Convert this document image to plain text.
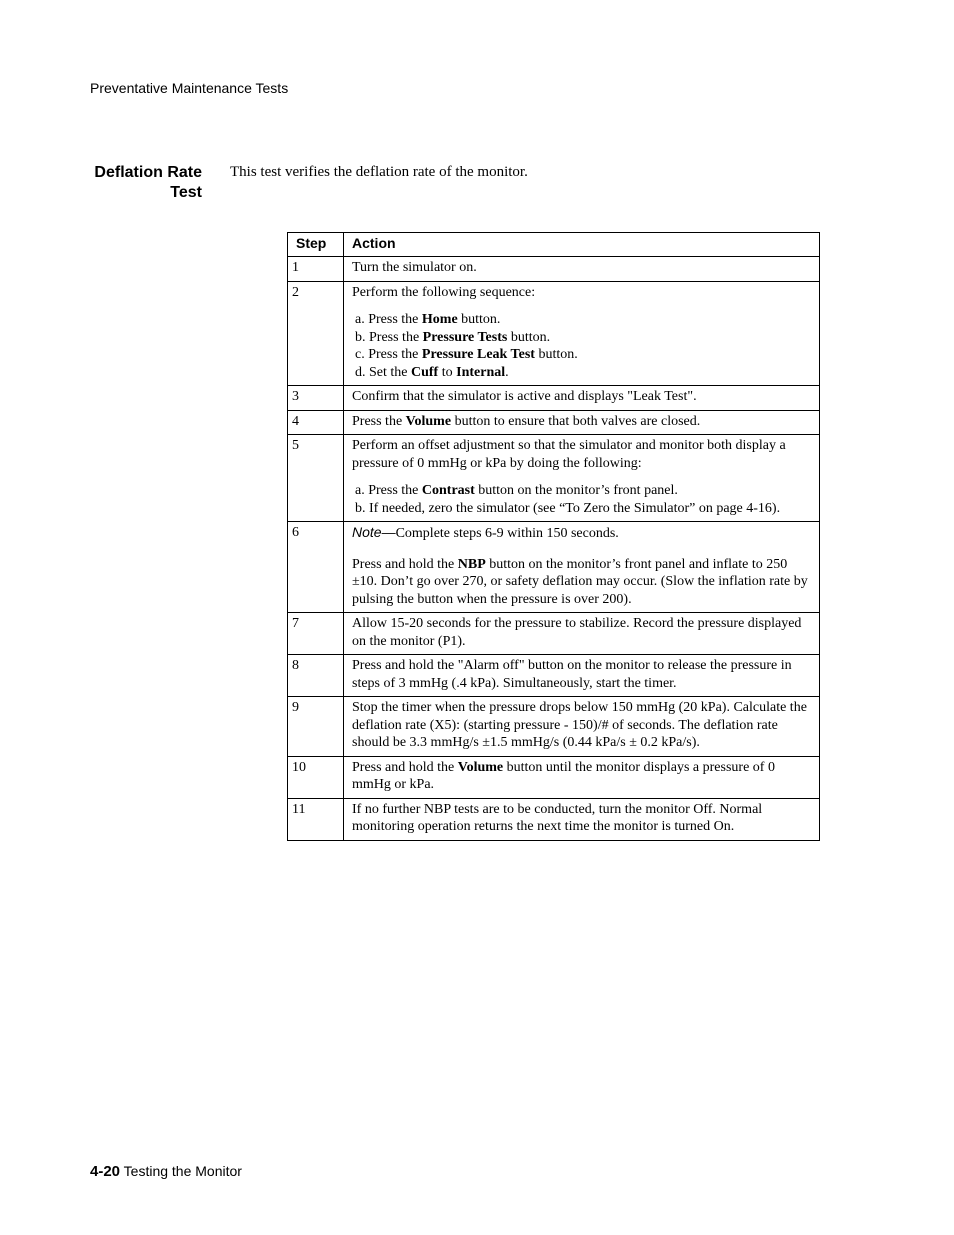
Preventative Maintenance Tests
Deflation Rate
Test
This test verifies the deflation rate of the monitor.
Step	Action
1	Turn the simulator on.
2	Perform the following sequence:
a. Press the Home button.
b. Press the Pressure Tests button.
c. Press the Pressure Leak Test button.
d. Set the Cuff to Internal.

3	Confirm that the simulator is active and displays "Leak Test".
4	Press the Volume button to ensure that both valves are closed.
5	Perform an offset adjustment so that the simulator and monitor both display a pressure of 0 mmHg or kPa by doing the following:
a. Press the Contrast button on the monitor’s front panel.
b. If needed, zero the simulator (see “To Zero the Simulator” on page 4-16).

6	Note—Complete steps 6-9 within 150 seconds.
Press and hold the NBP button on the monitor’s front panel and inflate to 250 ±10. Don’t go over 270, or safety deflation may occur. (Slow the inflation rate by pulsing the button when the pressure is over 200).

7	Allow 15-20 seconds for the pressure to stabilize. Record the pressure displayed on the monitor (P1).
8	Press and hold the "Alarm off" button on the monitor to release the pressure in steps of 3 mmHg (.4 kPa). Simultaneously, start the timer.
9	Stop the timer when the pressure drops below 150 mmHg (20 kPa). Calculate the deflation rate (X5): (starting pressure - 150)/# of seconds. The deflation rate should be 3.3 mmHg/s ±1.5 mmHg/s (0.44 kPa/s ± 0.2 kPa/s).
10	Press and hold the Volume button until the monitor displays a pressure of 0 mmHg or kPa.
11	If no further NBP tests are to be conducted, turn the monitor Off. Normal monitoring operation returns the next time the monitor is turned On.
4-20 Testing the Monitor
